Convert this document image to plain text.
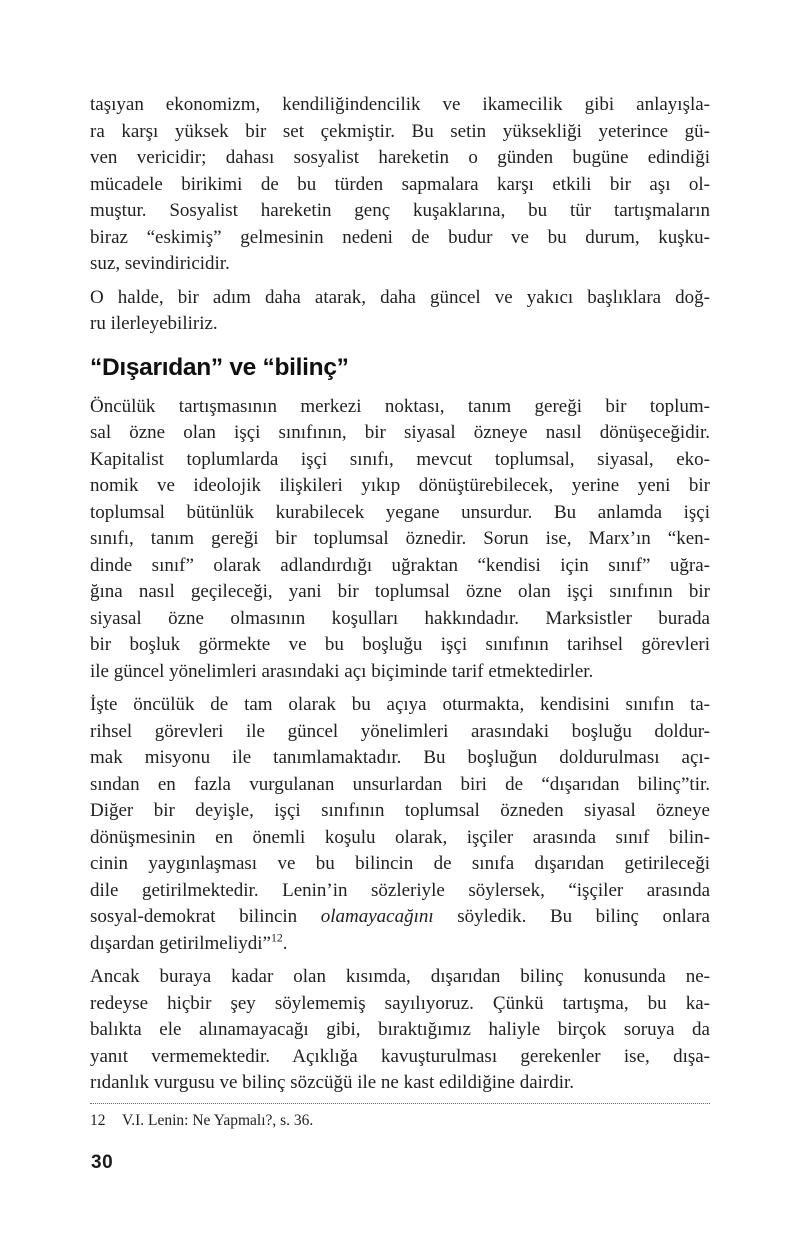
taşıyan ekonomizm, kendiliğindencilik ve ikamecilik gibi anlayışla-
ra karşı yüksek bir set çekmiştir. Bu setin yüksekliği yeterince gü-
ven vericidir; dahası sosyalist hareketin o günden bugüne edindiği
mücadele birikimi de bu türden sapmalara karşı etkili bir aşı ol-
muştur. Sosyalist hareketin genç kuşaklarına, bu tür tartışmaların
biraz “eskimiş” gelmesinin nedeni de budur ve bu durum, kuşku-
suz, sevindiricidir.

O halde, bir adım daha atarak, daha güncel ve yakıcı başlıklara doğ-
ru ilerleyebiliriz.

“Dışarıdan” ve “bilinç”

Öncülük tartışmasının merkezi noktası, tanım gereği bir toplum-
sal özne olan işçi sınıfının, bir siyasal özneye nasıl dönüşeceğidir.
Kapitalist toplumlarda işçi sınıfı, mevcut toplumsal, siyasal, eko-
nomik ve ideolojik ilişkileri yıkıp dönüştürebilecek, yerine yeni bir
toplumsal bütünlük kurabilecek yegane unsurdur. Bu anlamda işçi
sınıfı, tanım gereği bir toplumsal öznedir. Sorun ise, Marx’ın “ken-
dinde sınıf” olarak adlandırdığı uğraktan “kendisi için sınıf” uğra-
ğına nasıl geçileceği, yani bir toplumsal özne olan işçi sınıfının bir
siyasal özne olmasının koşulları hakkındadır. Marksistler burada
bir boşluk görmekte ve bu boşluğu işçi sınıfının tarihsel görevleri
ile güncel yönelimleri arasındaki açı biçiminde tarif etmektedirler.

İşte öncülük de tam olarak bu açıya oturmakta, kendisini sınıfın ta-
rihsel görevleri ile güncel yönelimleri arasındaki boşluğu doldur-
mak misyonu ile tanımlamaktadır. Bu boşluğun doldurulması açı-
sından en fazla vurgulanan unsurlardan biri de “dışarıdan bilinç”tir.
Diğer bir deyişle, işçi sınıfının toplumsal özneden siyasal özneye
dönüşmesinin en önemli koşulu olarak, işçiler arasında sınıf bilin-
cinin yaygınlaşması ve bu bilincin de sınıfa dışarıdan getirileceği
dile getirilmektedir. Lenin’in sözleriyle söylersek, “işçiler arasında
sosyal-demokrat bilincin olamayacağını söyledik. Bu bilinç onlara
dışardan getirilmeliydi”$^{12}$.

Ancak buraya kadar olan kısımda, dışarıdan bilinç konusunda ne-
redeyse hiçbir şey söylememiş sayılıyoruz. Çünkü tartışma, bu ka-
balıkta ele alınamayacağı gibi, bıraktığımız haliyle birçok soruya da
yanıt vermemektedir. Açıklığa kavuşturulması gerekenler ise, dışa-
rıdanlık vurgusu ve bilinç sözcüğü ile ne kast edildiğine dairdir.

12 V.I. Lenin: Ne Yapmalı?, s. 36.
30
